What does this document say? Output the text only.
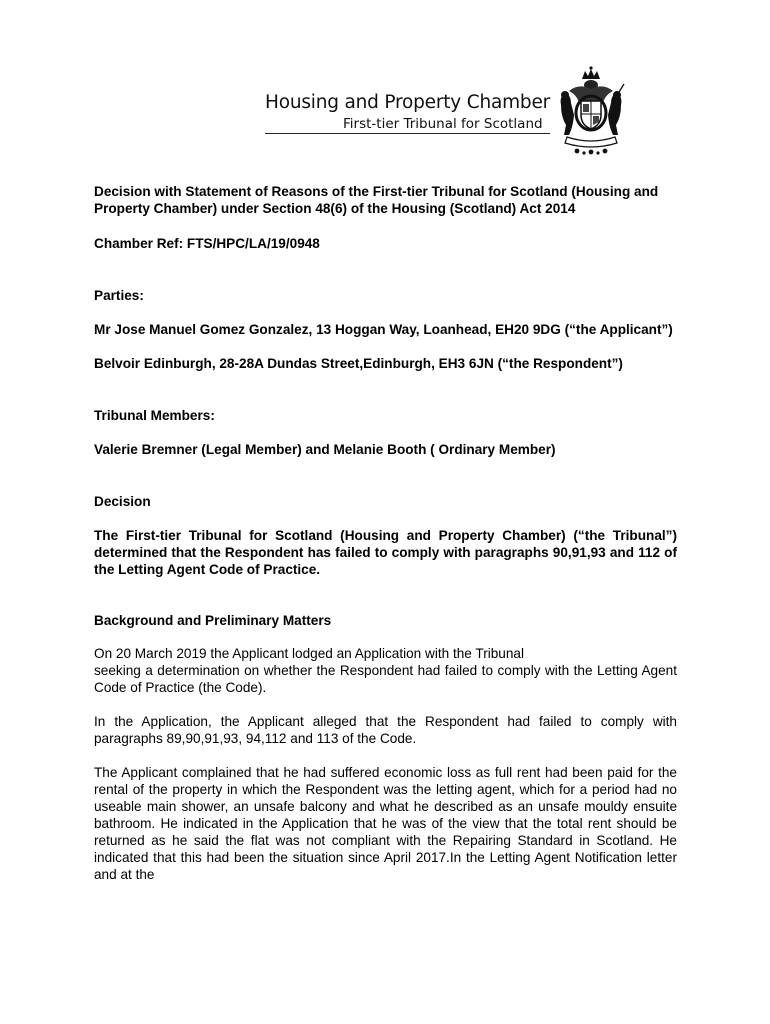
Housing and Property Chamber
First-tier Tribunal for Scotland

Decision with Statement of Reasons of the First-tier Tribunal for Scotland (Housing and Property Chamber) under Section 48(6) of the Housing (Scotland) Act 2014

Chamber Ref: FTS/HPC/LA/19/0948

Parties:

Mr Jose Manuel Gomez Gonzalez, 13 Hoggan Way, Loanhead, EH20 9DG (“the Applicant”)

Belvoir Edinburgh, 28-28A Dundas Street,Edinburgh, EH3 6JN (“the Respondent”)

Tribunal Members:

Valerie Bremner (Legal Member) and Melanie Booth ( Ordinary Member)

Decision

The First-tier Tribunal for Scotland (Housing and Property Chamber) (“the Tribunal”) determined that the Respondent has failed to comply with paragraphs 90,91,93 and 112 of the Letting Agent Code of Practice.

Background and Preliminary Matters

On 20 March 2019 the Applicant lodged an Application with the Tribunal

seeking a determination on whether the Respondent had failed to comply with the Letting Agent Code of Practice (the Code).

In the Application, the Applicant alleged that the Respondent had failed to comply with paragraphs 89,90,91,93, 94,112 and 113 of the Code.

The Applicant complained that he had suffered economic loss as full rent had been paid for the rental of the property in which the Respondent was the letting agent, which for a period had no useable main shower, an unsafe balcony and what he described as an unsafe mouldy ensuite bathroom. He indicated in the Application that he was of the view that the total rent should be returned as he said the flat was not compliant with the Repairing Standard in Scotland. He indicated that this had been the situation since April 2017.In the Letting Agent Notification letter and at the
